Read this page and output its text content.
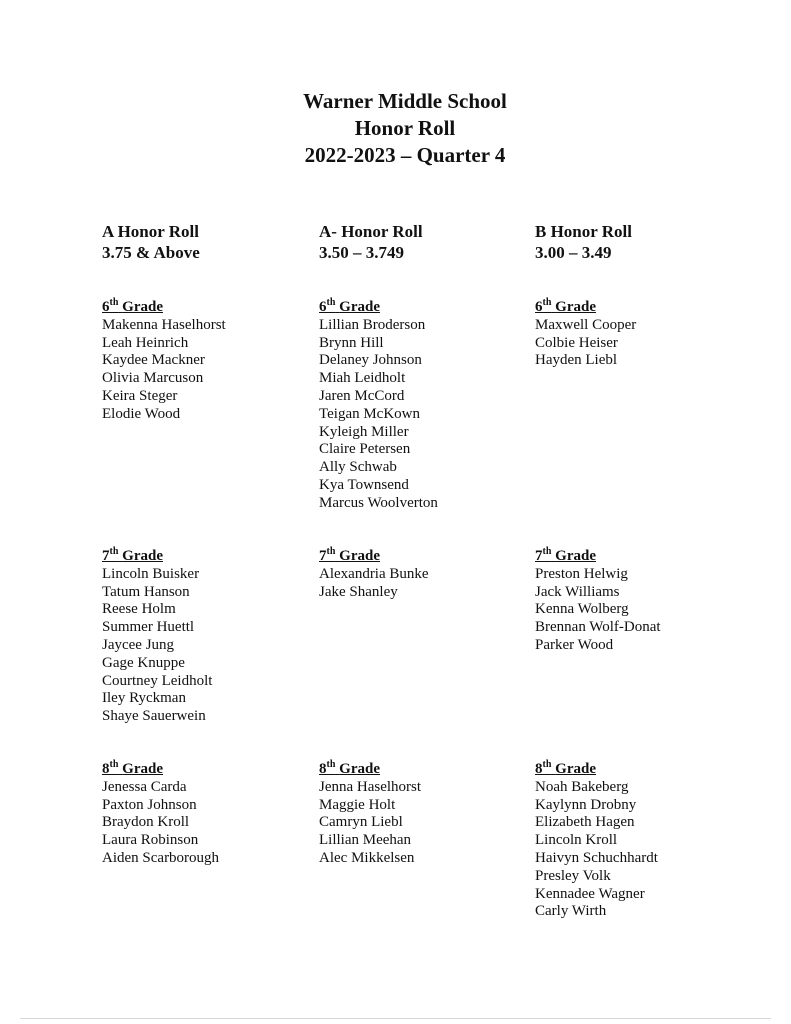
Warner Middle School
Honor Roll
2022-2023 – Quarter 4
A Honor Roll
3.75 & Above
6th Grade
Makenna Haselhorst
Leah Heinrich
Kaydee Mackner
Olivia Marcuson
Keira Steger
Elodie Wood
7th Grade
Lincoln Buisker
Tatum Hanson
Reese Holm
Summer Huettl
Jaycee Jung
Gage Knuppe
Courtney Leidholt
Iley Ryckman
Shaye Sauerwein
8th Grade
Jenessa Carda
Paxton Johnson
Braydon Kroll
Laura Robinson
Aiden Scarborough
A- Honor Roll
3.50 – 3.749
6th Grade
Lillian Broderson
Brynn Hill
Delaney Johnson
Miah Leidholt
Jaren McCord
Teigan McKown
Kyleigh Miller
Claire Petersen
Ally Schwab
Kya Townsend
Marcus Woolverton
7th Grade
Alexandria Bunke
Jake Shanley
8th Grade
Jenna Haselhorst
Maggie Holt
Camryn Liebl
Lillian Meehan
Alec Mikkelsen
B Honor Roll
3.00 – 3.49
6th Grade
Maxwell Cooper
Colbie Heiser
Hayden Liebl
7th Grade
Preston Helwig
Jack Williams
Kenna Wolberg
Brennan Wolf-Donat
Parker Wood
8th Grade
Noah Bakeberg
Kaylynn Drobny
Elizabeth Hagen
Lincoln Kroll
Haivyn Schuchhardt
Presley Volk
Kennadee Wagner
Carly Wirth
